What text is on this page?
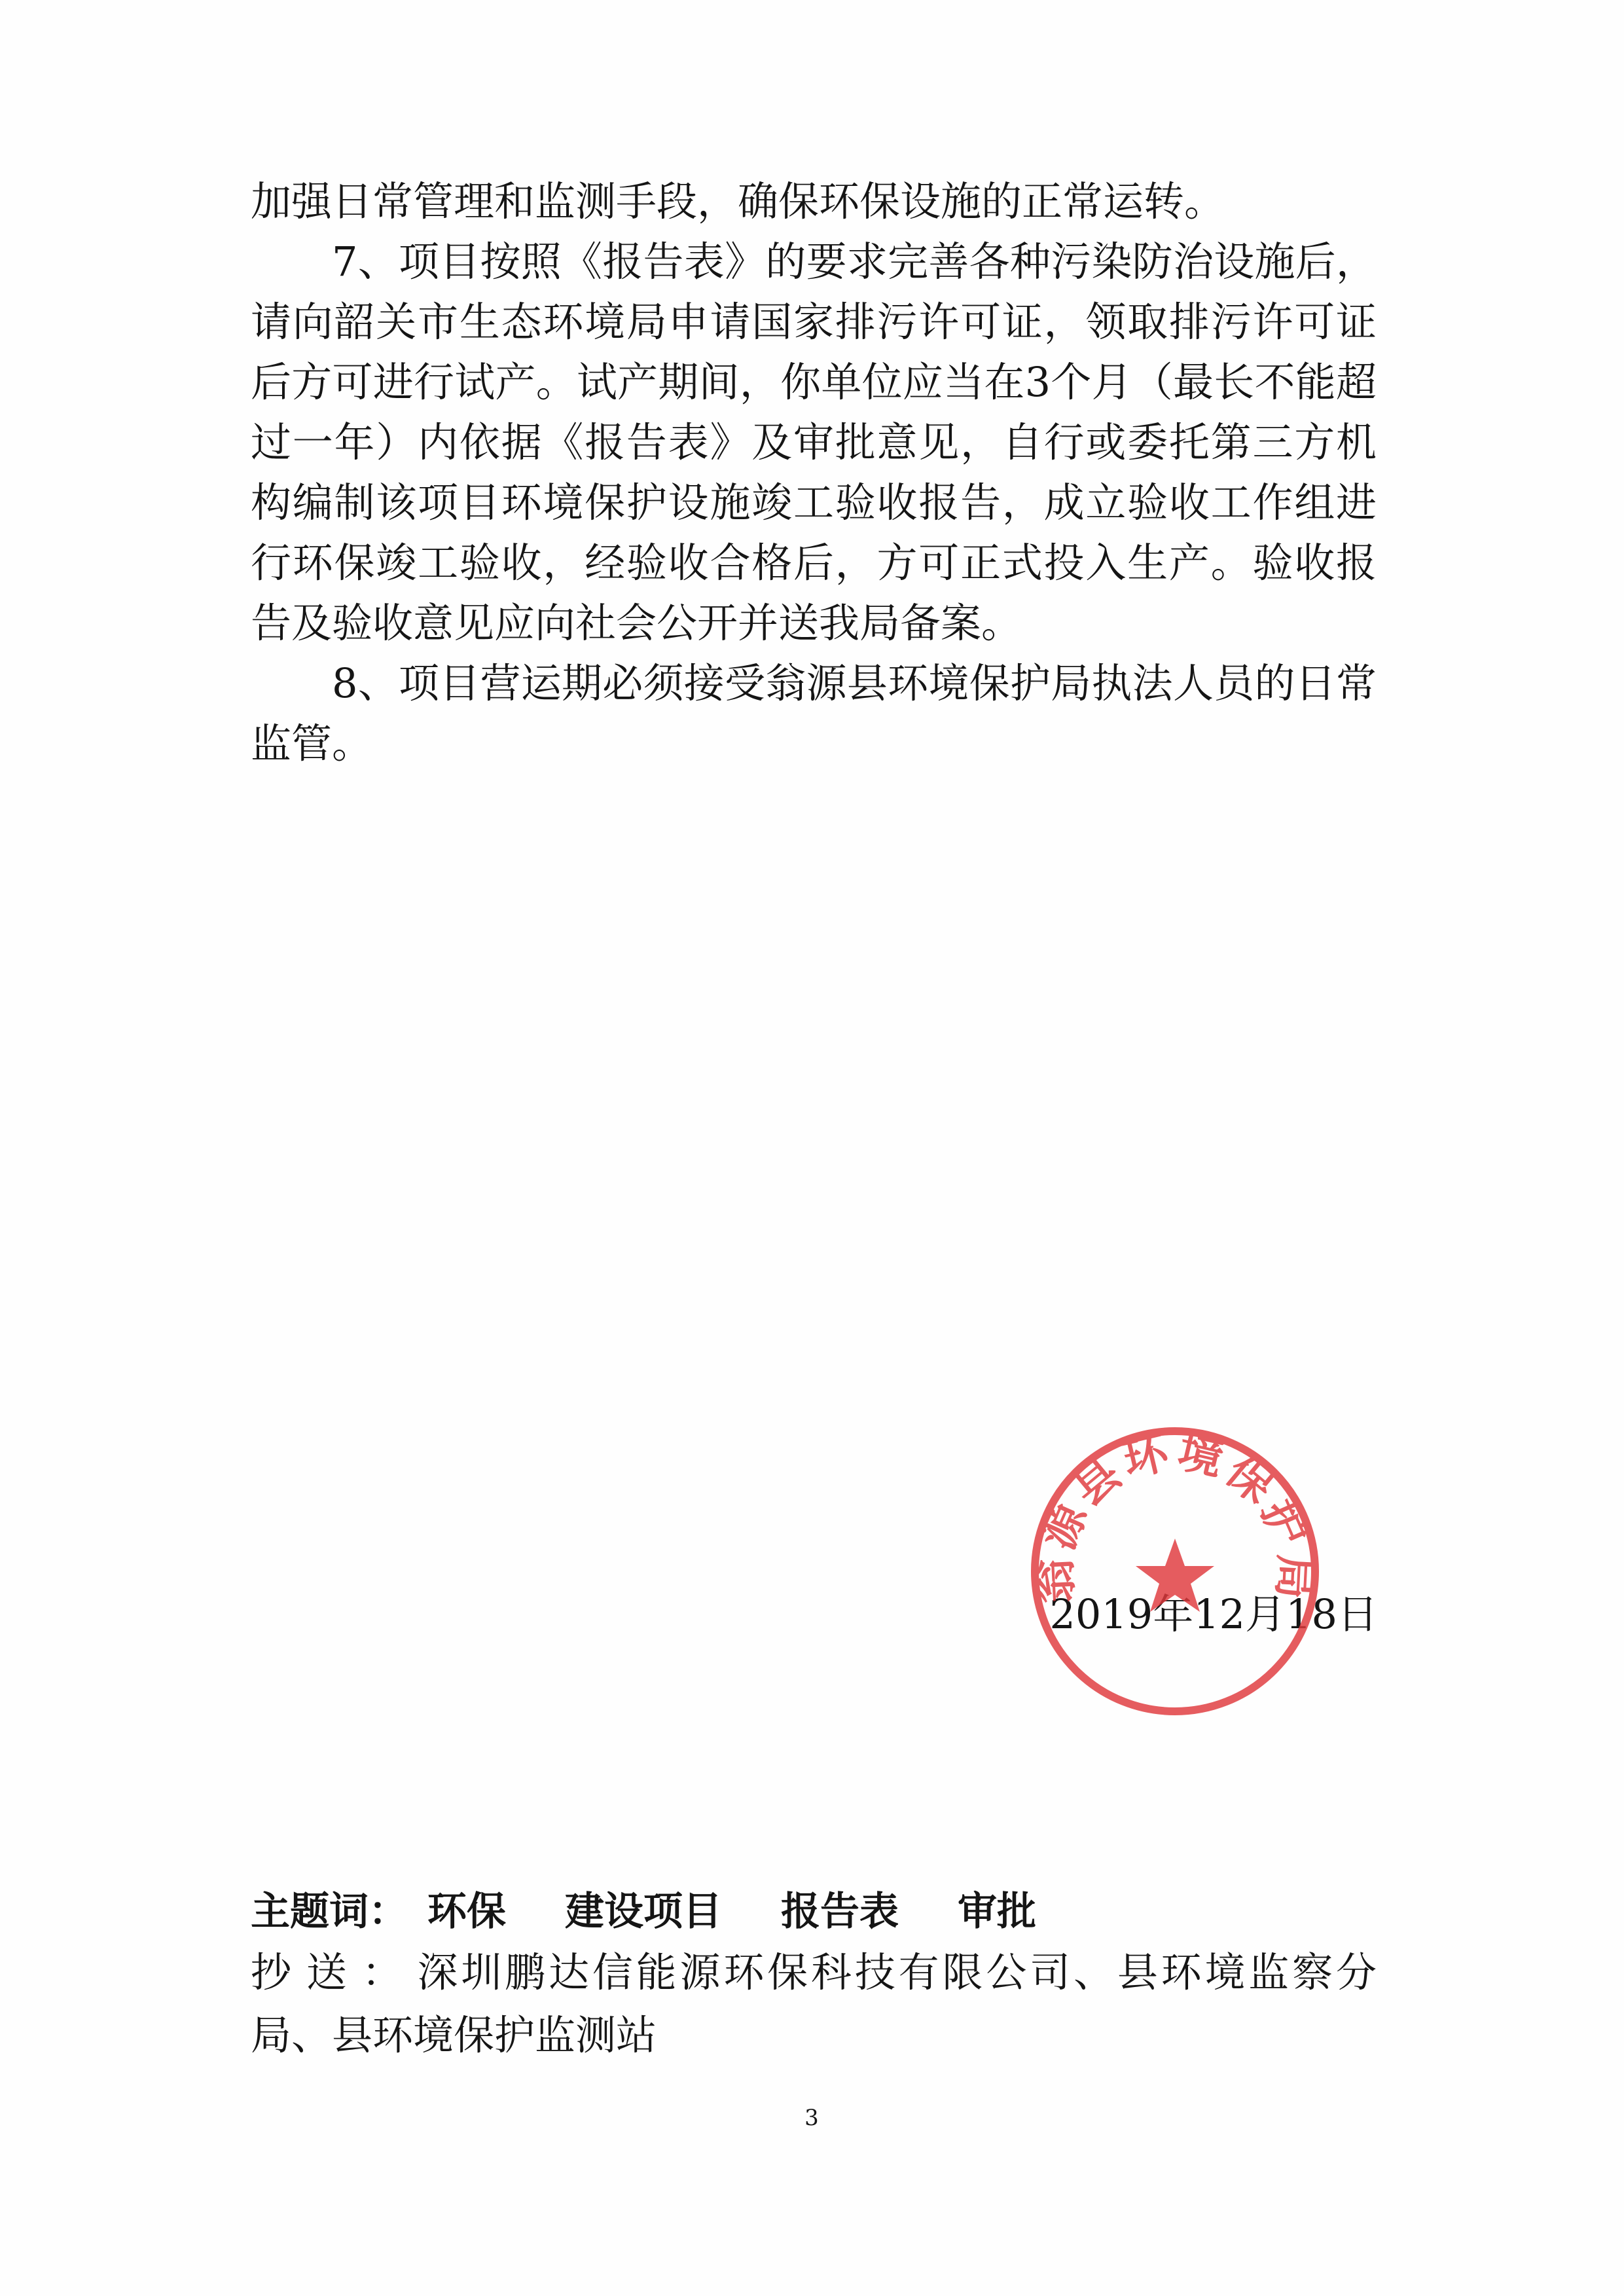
加强日常管理和监测手段，确保环保设施的正常运转。

7、项目按照《报告表》的要求完善各种污染防治设施后，请向韶关市生态环境局申请国家排污许可证，领取排污许可证后方可进行试产。试产期间，你单位应当在3个月（最长不能超过一年）内依据《报告表》及审批意见，自行或委托第三方机构编制该项目环境保护设施竣工验收报告，成立验收工作组进行环保竣工验收，经验收合格后，方可正式投入生产。验收报告及验收意见应向社会公开并送我局备案。

8、项目营运期必须接受翁源县环境保护局执法人员的日常监管。

2019年12月18日
翁源县环境保护局
主题词： 环保 建设项目 报告表 审批
抄送：深圳鹏达信能源环保科技有限公司、县环境监察分局、县环境保护监测站
3
